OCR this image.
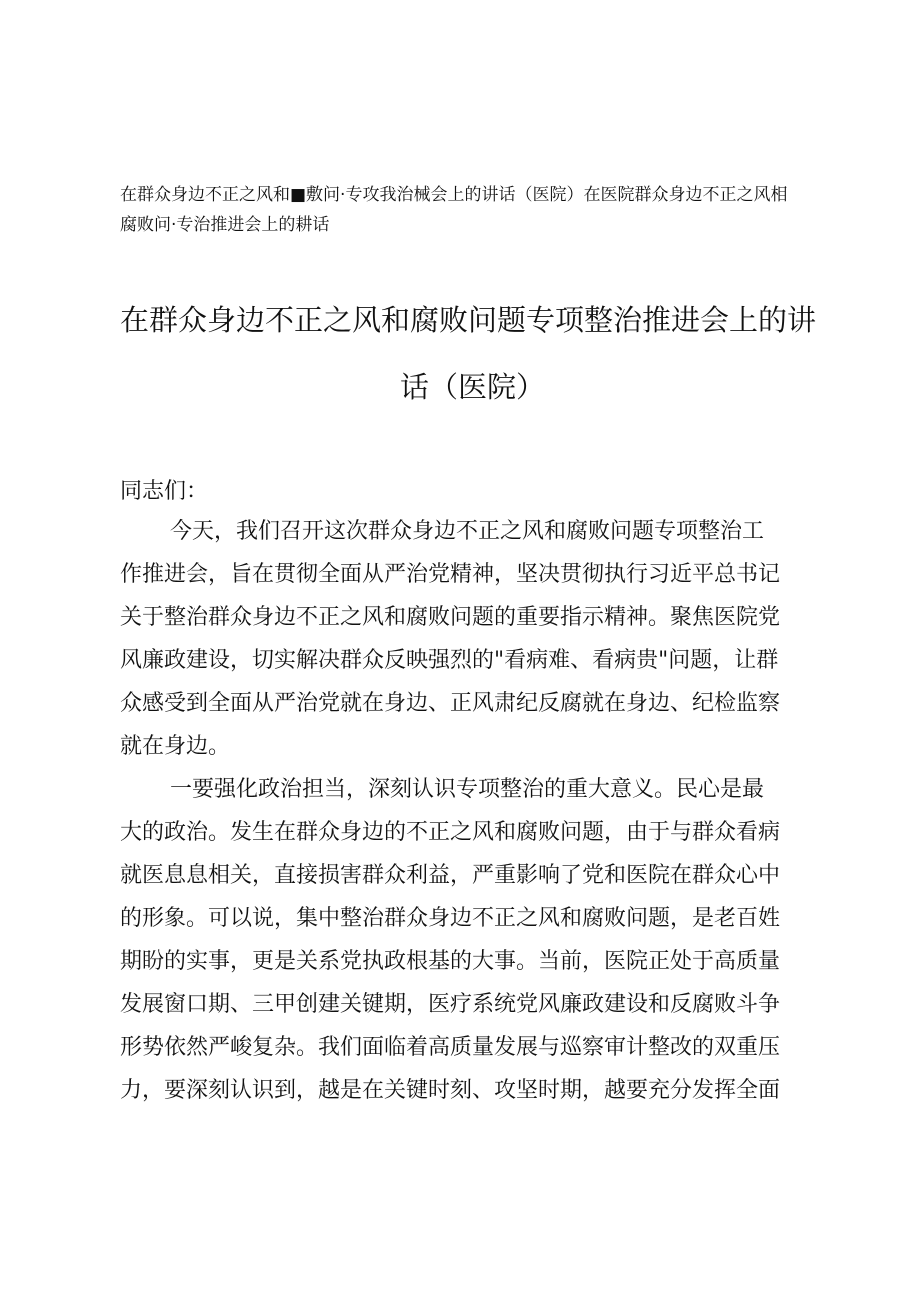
在群众身边不正之风和■敷问·专攻我治械会上的讲话（医院）在医院群众身边不正之风相
腐败问·专治推进会上的耕话
在群众身边不正之风和腐败问题专项整治推进会上的讲
话（医院）
同志们：
今天，我们召开这次群众身边不正之风和腐败问题专项整治工
作推进会，旨在贯彻全面从严治党精神，坚决贯彻执行习近平总书记
关于整治群众身边不正之风和腐败问题的重要指示精神。聚焦医院党
风廉政建设，切实解决群众反映强烈的"看病难、看病贵"问题，让群
众感受到全面从严治党就在身边、正风肃纪反腐就在身边、纪检监察
就在身边。
一要强化政治担当，深刻认识专项整治的重大意义。民心是最
大的政治。发生在群众身边的不正之风和腐败问题，由于与群众看病
就医息息相关，直接损害群众利益，严重影响了党和医院在群众心中
的形象。可以说，集中整治群众身边不正之风和腐败问题，是老百姓
期盼的实事，更是关系党执政根基的大事。当前，医院正处于高质量
发展窗口期、三甲创建关键期，医疗系统党风廉政建设和反腐败斗争
形势依然严峻复杂。我们面临着高质量发展与巡察审计整改的双重压
力，要深刻认识到，越是在关键时刻、攻坚时期，越要充分发挥全面
